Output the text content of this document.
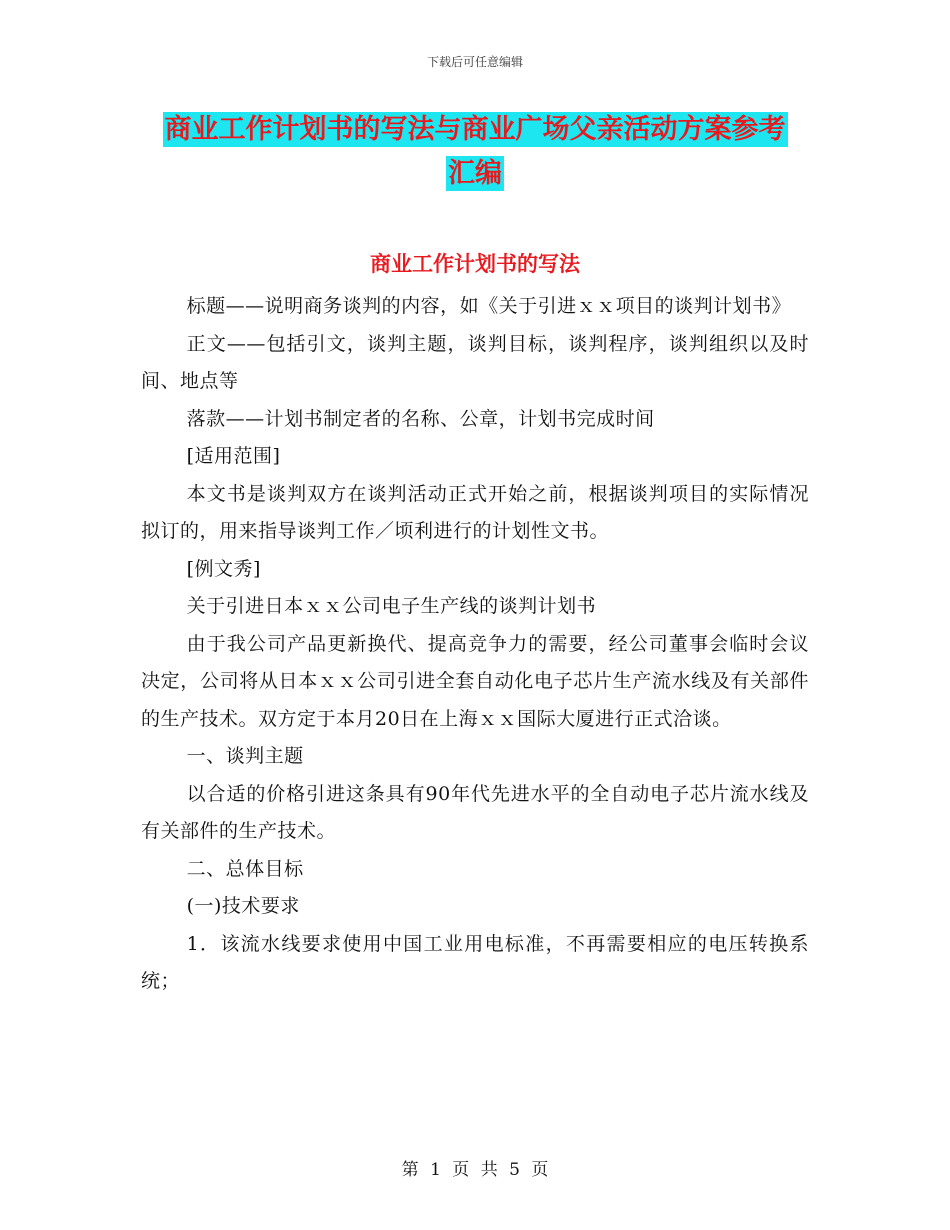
下载后可任意编辑
商业工作计划书的写法与商业广场父亲活动方案参考
汇编
商业工作计划书的写法

标题——说明商务谈判的内容，如《关于引进ｘｘ项目的谈判计划书》

正文——包括引文，谈判主题，谈判目标，谈判程序，谈判组织以及时间、地点等

落款——计划书制定者的名称、公章，计划书完成时间

[适用范围]

本文书是谈判双方在谈判活动正式开始之前，根据谈判项目的实际情况拟订的，用来指导谈判工作／顷利进行的计划性文书。

[例文秀]

关于引进日本ｘｘ公司电子生产线的谈判计划书

由于我公司产品更新换代、提高竞争力的需要，经公司董事会临时会议决定，公司将从日本ｘｘ公司引进全套自动化电子芯片生产流水线及有关部件的生产技术。双方定于本月20日在上海ｘｘ国际大厦进行正式洽谈。

一、谈判主题

以合适的价格引进这条具有90年代先进水平的全自动电子芯片流水线及有关部件的生产技术。

二、总体目标

(一)技术要求

1．该流水线要求使用中国工业用电标准，不再需要相应的电压转换系统；

第 1 页 共 5 页
